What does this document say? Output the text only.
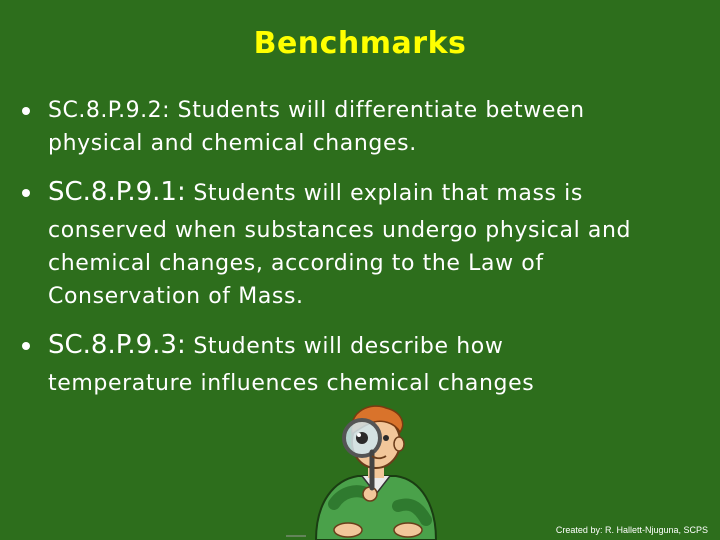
Benchmarks
SC.8.P.9.2: Students will differentiate between
physical and chemical changes.
SC.8.P.9.1: Students will explain that mass is
conserved when substances undergo physical and chemical changes, according to the Law of Conservation of Mass.
SC.8.P.9.3: Students will describe how
temperature influences chemical changes
Created by: R. Hallett-Njuguna, SCPS
